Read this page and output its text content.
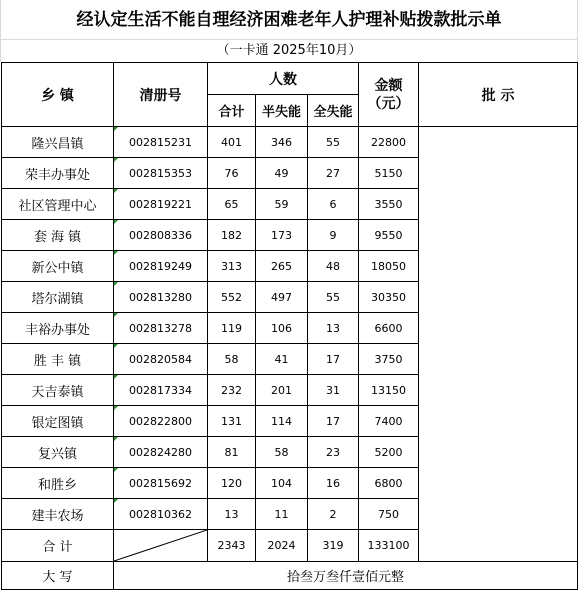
经认定生活不能自理经济困难老年人护理补贴拨款批示单
（一卡通 2025年10月）
乡 镇	清册号	人数			金额（元）	批 示
		合计	半失能	全失能		
隆兴昌镇	002815231	401	346	55	22800	
荣丰办事处	002815353	76	49	27	5150	
社区管理中心	002819221	65	59	6	3550	
套 海 镇	002808336	182	173	9	9550	
新公中镇	002819249	313	265	48	18050	
塔尔湖镇	002813280	552	497	55	30350	
丰裕办事处	002813278	119	106	13	6600	
胜 丰 镇	002820584	58	41	17	3750	
天吉泰镇	002817334	232	201	31	13150	
银定图镇	002822800	131	114	17	7400	
复兴镇	002824280	81	58	23	5200	
和胜乡	002815692	120	104	16	6800	
建丰农场	002810362	13	11	2	750	
合 计		2343	2024	319	133100	
大 写	拾叁万叁仟壹佰元整					
